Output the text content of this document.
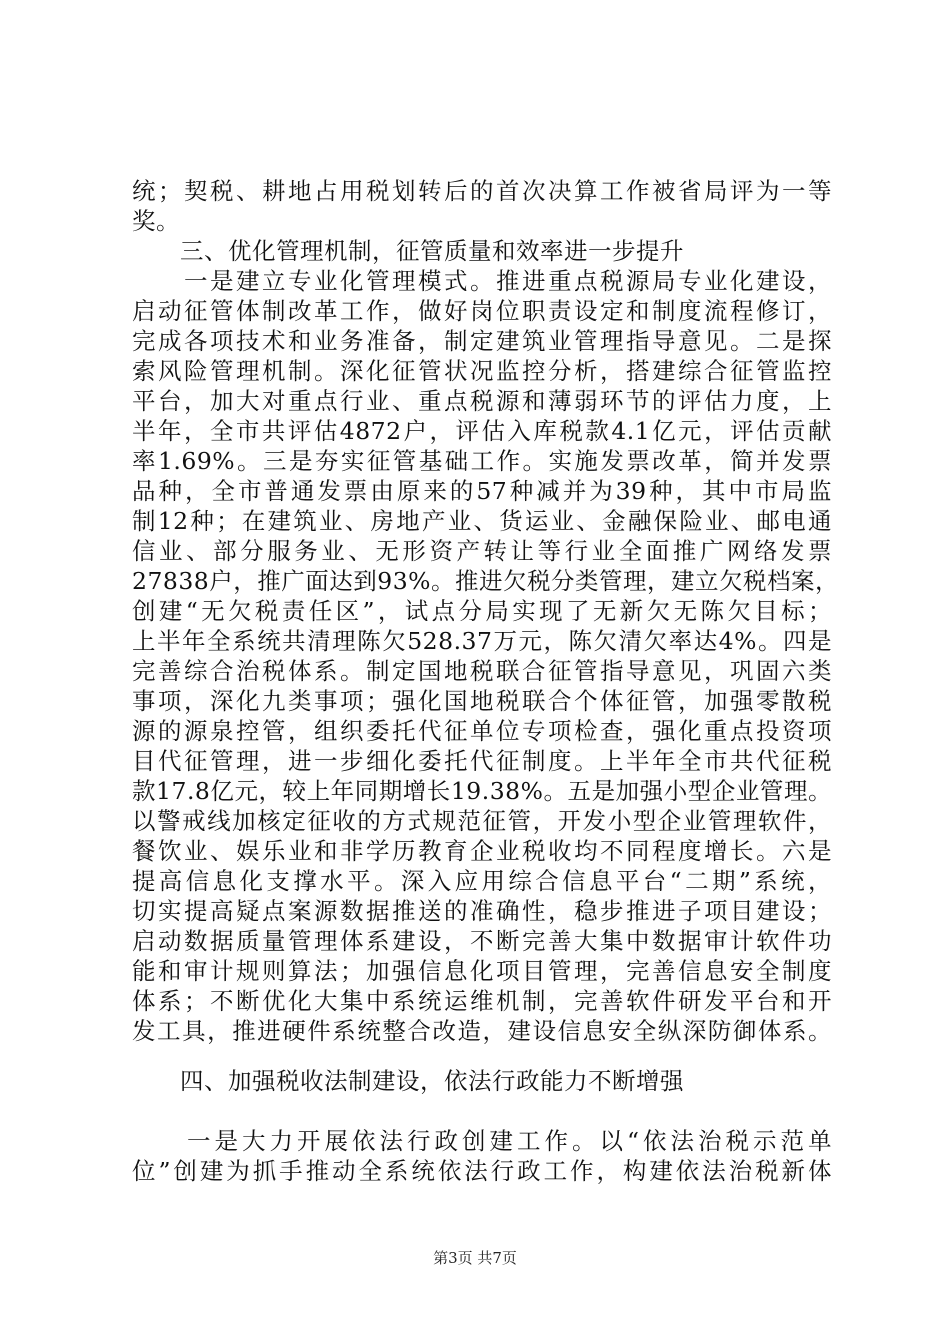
统；契税、耕地占用税划转后的首次决算工作被省局评为一等
奖。
　　三、优化管理机制，征管质量和效率进一步提升
　　一是建立专业化管理模式。推进重点税源局专业化建设，
启动征管体制改革工作，做好岗位职责设定和制度流程修订，
完成各项技术和业务准备，制定建筑业管理指导意见。二是探
索风险管理机制。深化征管状况监控分析，搭建综合征管监控
平台，加大对重点行业、重点税源和薄弱环节的评估力度，上
半年，全市共评估4872户，评估入库税款4.1亿元，评估贡献
率1.69%。三是夯实征管基础工作。实施发票改革，简并发票
品种，全市普通发票由原来的57种减并为39种，其中市局监
制12种；在建筑业、房地产业、货运业、金融保险业、邮电通
信业、部分服务业、无形资产转让等行业全面推广网络发票
27838户，推广面达到93%。推进欠税分类管理，建立欠税档案，
创建“无欠税责任区”，试点分局实现了无新欠无陈欠目标；
上半年全系统共清理陈欠528.37万元，陈欠清欠率达4%。四是
完善综合治税体系。制定国地税联合征管指导意见，巩固六类
事项，深化九类事项；强化国地税联合个体征管，加强零散税
源的源泉控管，组织委托代征单位专项检查，强化重点投资项
目代征管理，进一步细化委托代征制度。上半年全市共代征税
款17.8亿元，较上年同期增长19.38%。五是加强小型企业管理。
以警戒线加核定征收的方式规范征管，开发小型企业管理软件，
餐饮业、娱乐业和非学历教育企业税收均不同程度增长。六是
提高信息化支撑水平。深入应用综合信息平台“二期”系统，
切实提高疑点案源数据推送的准确性，稳步推进子项目建设；
启动数据质量管理体系建设，不断完善大集中数据审计软件功
能和审计规则算法；加强信息化项目管理，完善信息安全制度
体系；不断优化大集中系统运维机制，完善软件研发平台和开
发工具，推进硬件系统整合改造，建设信息安全纵深防御体系。
　　四、加强税收法制建设，依法行政能力不断增强
　　一是大力开展依法行政创建工作。以“依法治税示范单
位”创建为抓手推动全系统依法行政工作，构建依法治税新体
第3页 共7页
